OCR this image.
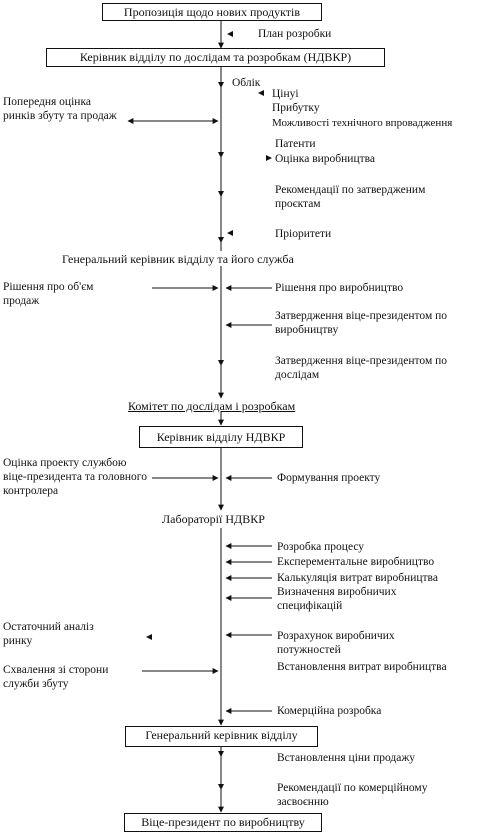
Пропозиція щодо нових продуктів
Керівник відділу по дослідам та розробкам (НДВКР)
Керівник відділу НДВКР
Генеральний керівник відділу
Віце-президент по виробництву
Генеральний керівник відділу та його служба
Комітет по дослідам і розробкам
Лабораторії НДВКР
Попередня оцінка ринків збуту та продаж
Рішення про об'єм продаж
Оцінка проекту службою віце-президента та головного контролера
Остаточний аналіз ринку
Схвалення зі сторони служби збуту
План розробки
Облік
Цінуі
Прибутку
Можливості технічного впровадження
Патенти
Оцінка виробництва
Рекомендації по затвердженим проєктам
Пріоритети
Рішення про виробництво
Затвердження віце-президентом по виробництву
Затвердження віце-президентом по дослідам
Формування проекту
Розробка процесу
Експерементальне виробництво
Калькуляція витрат виробництва
Визначення виробничих специфікацій
Розрахунок виробничих потужностей
Встановлення витрат виробництва
Комерційна розробка
Встановлення ціни продажу
Рекомендації по комерційному засвоєнню
